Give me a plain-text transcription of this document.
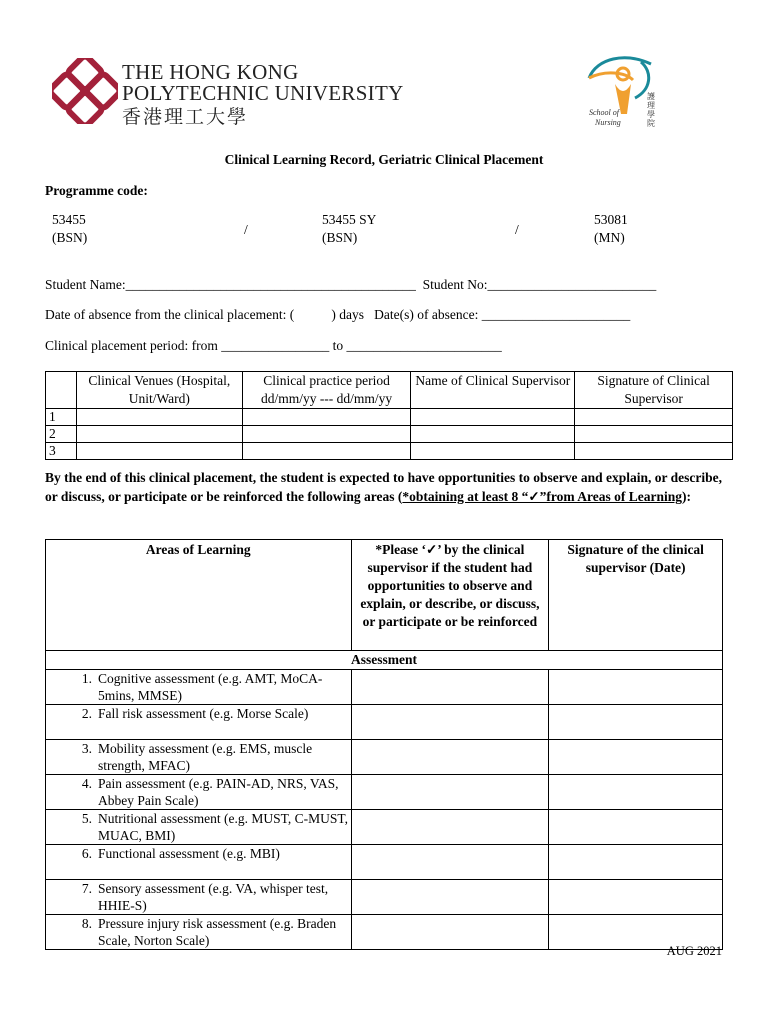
THE HONG KONG
POLYTECHNIC UNIVERSITY
香港理工大學	School of
Nursing
護理學院
Clinical Learning Record, Geriatric Clinical Placement
Programme code:
53455
(BSN)
/
53455 SY
(BSN)
/
53081
(MN)
Student Name:___________________________________________  Student No:_________________________
Date of absence from the clinical placement: (           ) days   Date(s) of absence: ______________________
Clinical placement period: from ________________ to _______________________
	Clinical Venues (Hospital, Unit/Ward)	Clinical practice period dd/mm/yy --- dd/mm/yy	Name of Clinical Supervisor	Signature of Clinical Supervisor
1				
2				
3				
By the end of this clinical placement, the student is expected to have opportunities to observe and explain, or describe, or discuss, or participate or be reinforced the following areas (*obtaining at least 8 “✓”from Areas of Learning):
Areas of Learning	*Please ‘✓’ by the clinical supervisor if the student had opportunities to observe and explain, or describe, or discuss, or participate or be reinforced	Signature of the clinical supervisor (Date)
Assessment		

1. Cognitive assessment (e.g. AMT, MoCA-5mins, MMSE)		

2. Fall risk assessment (e.g. Morse Scale)		

3. Mobility assessment (e.g. EMS, muscle strength, MFAC)		

4. Pain assessment (e.g. PAIN-AD, NRS, VAS, Abbey Pain Scale)		

5. Nutritional assessment (e.g. MUST, C-MUST, MUAC, BMI)		

6. Functional assessment (e.g. MBI)		

7. Sensory assessment (e.g. VA, whisper test, HHIE-S)		

8. Pressure injury risk assessment (e.g. Braden Scale, Norton Scale)		

AUG 2021
